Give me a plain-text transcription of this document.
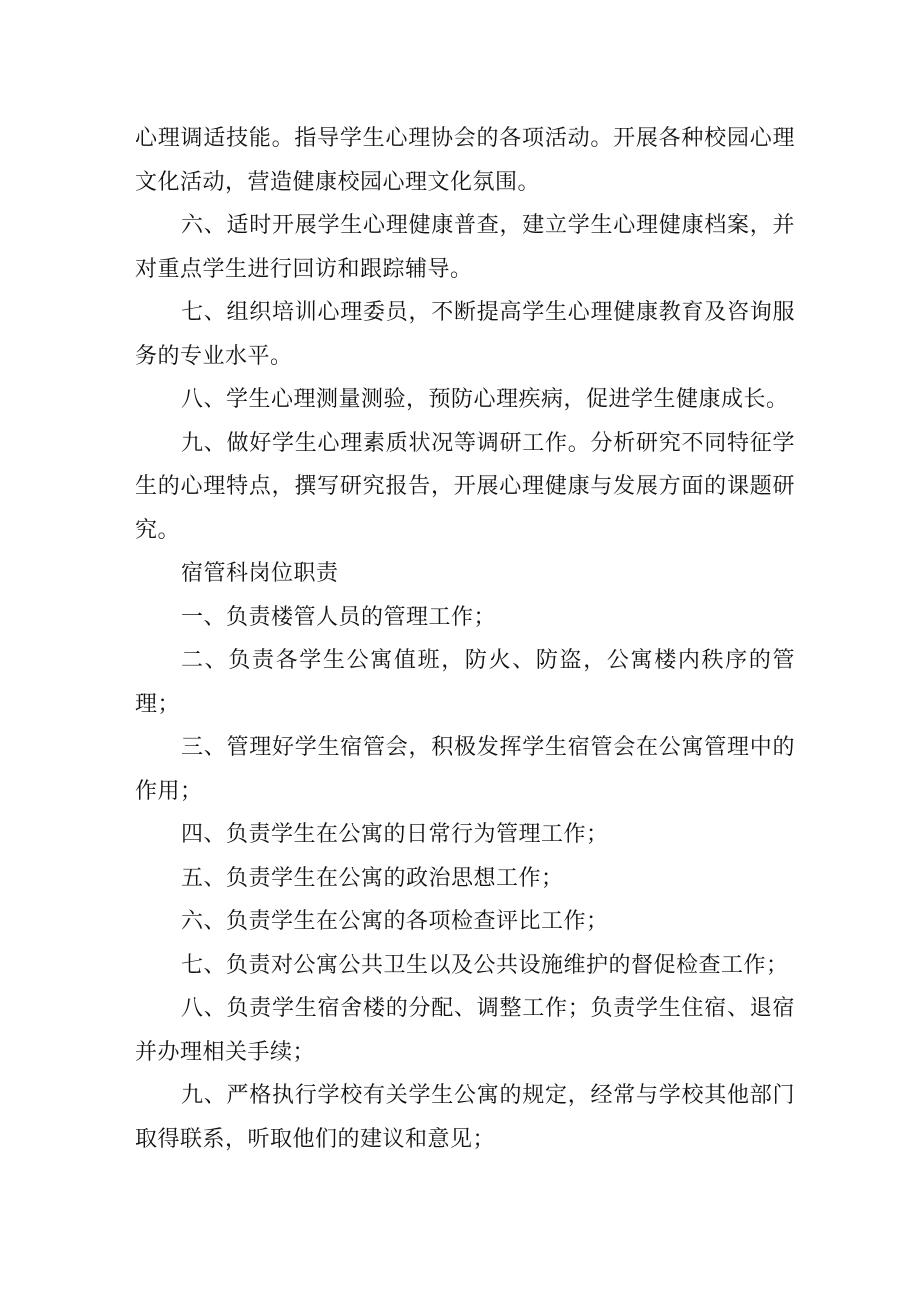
心理调适技能。指导学生心理协会的各项活动。开展各种校园心理文化活动，营造健康校园心理文化氛围。

六、适时开展学生心理健康普查，建立学生心理健康档案，并对重点学生进行回访和跟踪辅导。

七、组织培训心理委员，不断提高学生心理健康教育及咨询服务的专业水平。

八、学生心理测量测验，预防心理疾病，促进学生健康成长。

九、做好学生心理素质状况等调研工作。分析研究不同特征学生的心理特点，撰写研究报告，开展心理健康与发展方面的课题研究。

宿管科岗位职责

一、负责楼管人员的管理工作；

二、负责各学生公寓值班，防火、防盗，公寓楼内秩序的管理；

三、管理好学生宿管会，积极发挥学生宿管会在公寓管理中的作用；

四、负责学生在公寓的日常行为管理工作；

五、负责学生在公寓的政治思想工作；

六、负责学生在公寓的各项检查评比工作；

七、负责对公寓公共卫生以及公共设施维护的督促检查工作；

八、负责学生宿舍楼的分配、调整工作；负责学生住宿、退宿并办理相关手续；

九、严格执行学校有关学生公寓的规定，经常与学校其他部门取得联系，听取他们的建议和意见；
